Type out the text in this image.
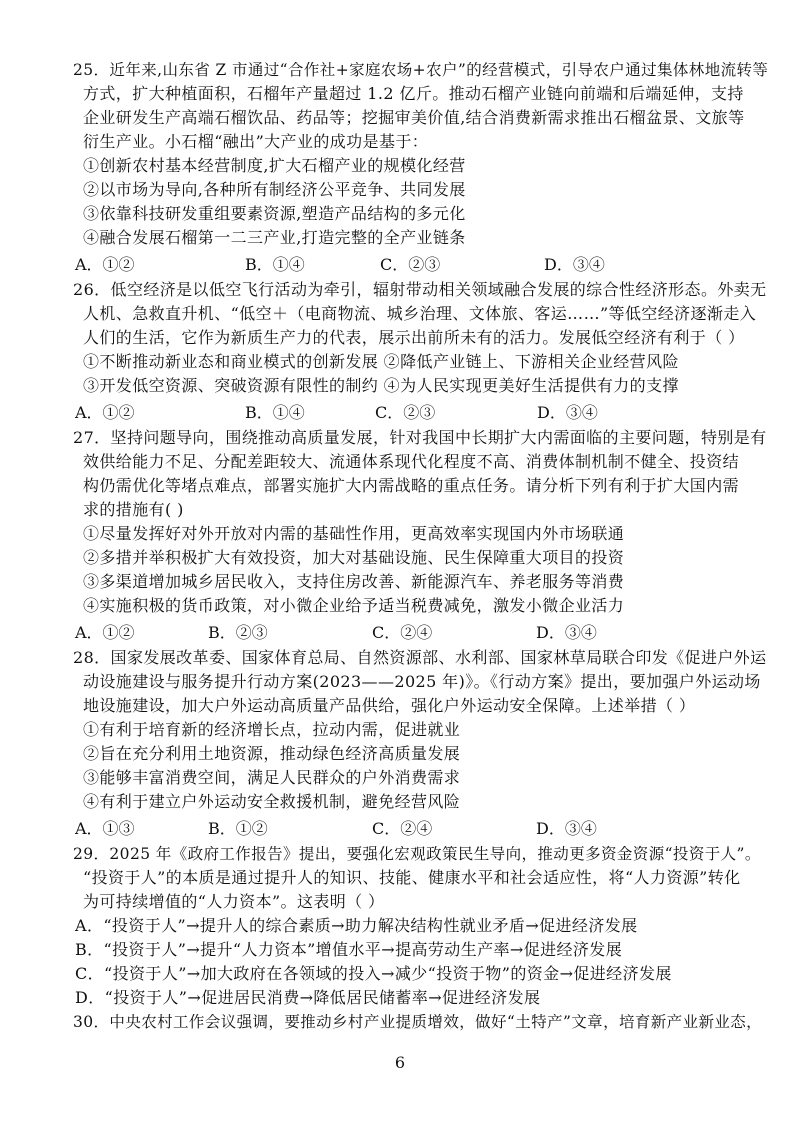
25．近年来,山东省 Z 市通过“合作社+家庭农场+农户”的经营模式，引导农户通过集体林地流转等
方式，扩大种植面积，石榴年产量超过 1.2 亿斤。推动石榴产业链向前端和后端延伸，支持
企业研发生产高端石榴饮品、药品等；挖掘审美价值,结合消费新需求推出石榴盆景、文旅等
衍生产业。小石榴“融出”大产业的成功是基于：
①创新农村基本经营制度,扩大石榴产业的规模化经营
②以市场为导向,各种所有制经济公平竞争、共同发展
③依靠科技研发重组要素资源,塑造产品结构的多元化
④融合发展石榴第一二三产业,打造完整的全产业链条
A．①②	B．①④	C．②③	D．③④
26．低空经济是以低空飞行活动为牵引，辐射带动相关领域融合发展的综合性经济形态。外卖无
人机、急救直升机、“低空＋（电商物流、城乡治理、文体旅、客运……”等低空经济逐渐走入
人们的生活，它作为新质生产力的代表，展示出前所未有的活力。发展低空经济有利于（ ）
①不断推动新业态和商业模式的创新发展 ②降低产业链上、下游相关企业经营风险
③开发低空资源、突破资源有限性的制约 ④为人民实现更美好生活提供有力的支撑
A．①②	B．①④	C．②③	D．③④
27．坚持问题导向，围绕推动高质量发展，针对我国中长期扩大内需面临的主要问题，特别是有
效供给能力不足、分配差距较大、流通体系现代化程度不高、消费体制机制不健全、投资结
构仍需优化等堵点难点，部署实施扩大内需战略的重点任务。请分析下列有利于扩大国内需
求的措施有( )
①尽量发挥好对外开放对内需的基础性作用，更高效率实现国内外市场联通
②多措并举积极扩大有效投资，加大对基础设施、民生保障重大项目的投资
③多渠道增加城乡居民收入，支持住房改善、新能源汽车、养老服务等消费
④实施积极的货币政策，对小微企业给予适当税费减免，激发小微企业活力
A．①②	B．②③	C．②④	D．③④
28．国家发展改革委、国家体育总局、自然资源部、水利部、国家林草局联合印发《促进户外运
动设施建设与服务提升行动方案(2023——2025 年)》。《行动方案》提出，要加强户外运动场
地设施建设，加大户外运动高质量产品供给，强化户外运动安全保障。上述举措（ ）
①有利于培育新的经济增长点，拉动内需，促进就业
②旨在充分利用土地资源，推动绿色经济高质量发展
③能够丰富消费空间，满足人民群众的户外消费需求
④有利于建立户外运动安全救援机制，避免经营风险
A．①③	B．①②	C．②④	D．③④
29．2025 年《政府工作报告》提出，要强化宏观政策民生导向，推动更多资金资源“投资于人”。
“投资于人”的本质是通过提升人的知识、技能、健康水平和社会适应性，将“人力资源”转化
为可持续增值的“人力资本”。这表明（ ）
A．“投资于人”→提升人的综合素质→助力解决结构性就业矛盾→促进经济发展
B．“投资于人”→提升“人力资本”增值水平→提高劳动生产率→促进经济发展
C．“投资于人”→加大政府在各领域的投入→减少“投资于物”的资金→促进经济发展
D．“投资于人”→促进居民消费→降低居民储蓄率→促进经济发展
30．中央农村工作会议强调，要推动乡村产业提质增效，做好“土特产”文章，培育新产业新业态，
6
